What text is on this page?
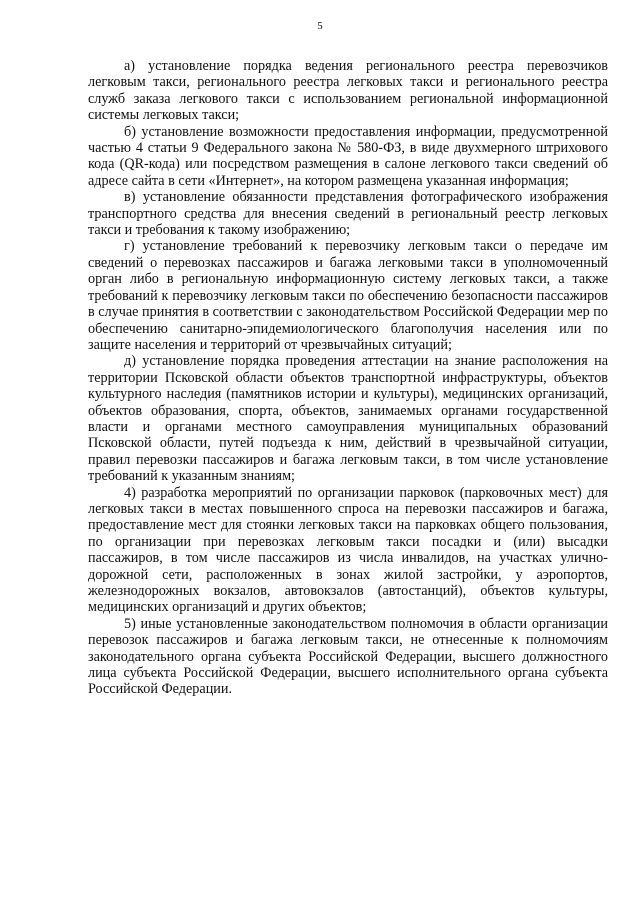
5

а) установление порядка ведения регионального реестра перевозчиков легковым такси, регионального реестра легковых такси и регионального реестра служб заказа легкового такси с использованием региональной информационной системы легковых такси;

б) установление возможности предоставления информации, предусмотренной частью 4 статьи 9 Федерального закона № 580-ФЗ, в виде двухмерного штрихового кода (QR-кода) или посредством размещения в салоне легкового такси сведений об адресе сайта в сети «Интернет», на котором размещена указанная информация;

в) установление обязанности представления фотографического изображения транспортного средства для внесения сведений в региональный реестр легковых такси и требования к такому изображению;

г) установление требований к перевозчику легковым такси о передаче им сведений о перевозках пассажиров и багажа легковыми такси в уполномоченный орган либо в региональную информационную систему легковых такси, а также требований к перевозчику легковым такси по обеспечению безопасности пассажиров в случае принятия в соответствии с законодательством Российской Федерации мер по обеспечению санитарно-эпидемиологического благополучия населения или по защите населения и территорий от чрезвычайных ситуаций;

д) установление порядка проведения аттестации на знание расположения на территории Псковской области объектов транспортной инфраструктуры, объектов культурного наследия (памятников истории и культуры), медицинских организаций, объектов образования, спорта, объектов, занимаемых органами государственной власти и органами местного самоуправления муниципальных образований Псковской области, путей подъезда к ним, действий в чрезвычайной ситуации, правил перевозки пассажиров и багажа легковым такси, в том числе установление требований к указанным знаниям;

4) разработка мероприятий по организации парковок (парковочных мест) для легковых такси в местах повышенного спроса на перевозки пассажиров и багажа, предоставление мест для стоянки легковых такси на парковках общего пользования, по организации при перевозках легковым такси посадки и (или) высадки пассажиров, в том числе пассажиров из числа инвалидов, на участках улично-дорожной сети, расположенных в зонах жилой застройки, у аэропортов, железнодорожных вокзалов, автовокзалов (автостанций), объектов культуры, медицинских организаций и других объектов;

5) иные установленные законодательством полномочия в области организации перевозок пассажиров и багажа легковым такси, не отнесенные к полномочиям законодательного органа субъекта Российской Федерации, высшего должностного лица субъекта Российской Федерации, высшего исполнительного органа субъекта Российской Федерации.
